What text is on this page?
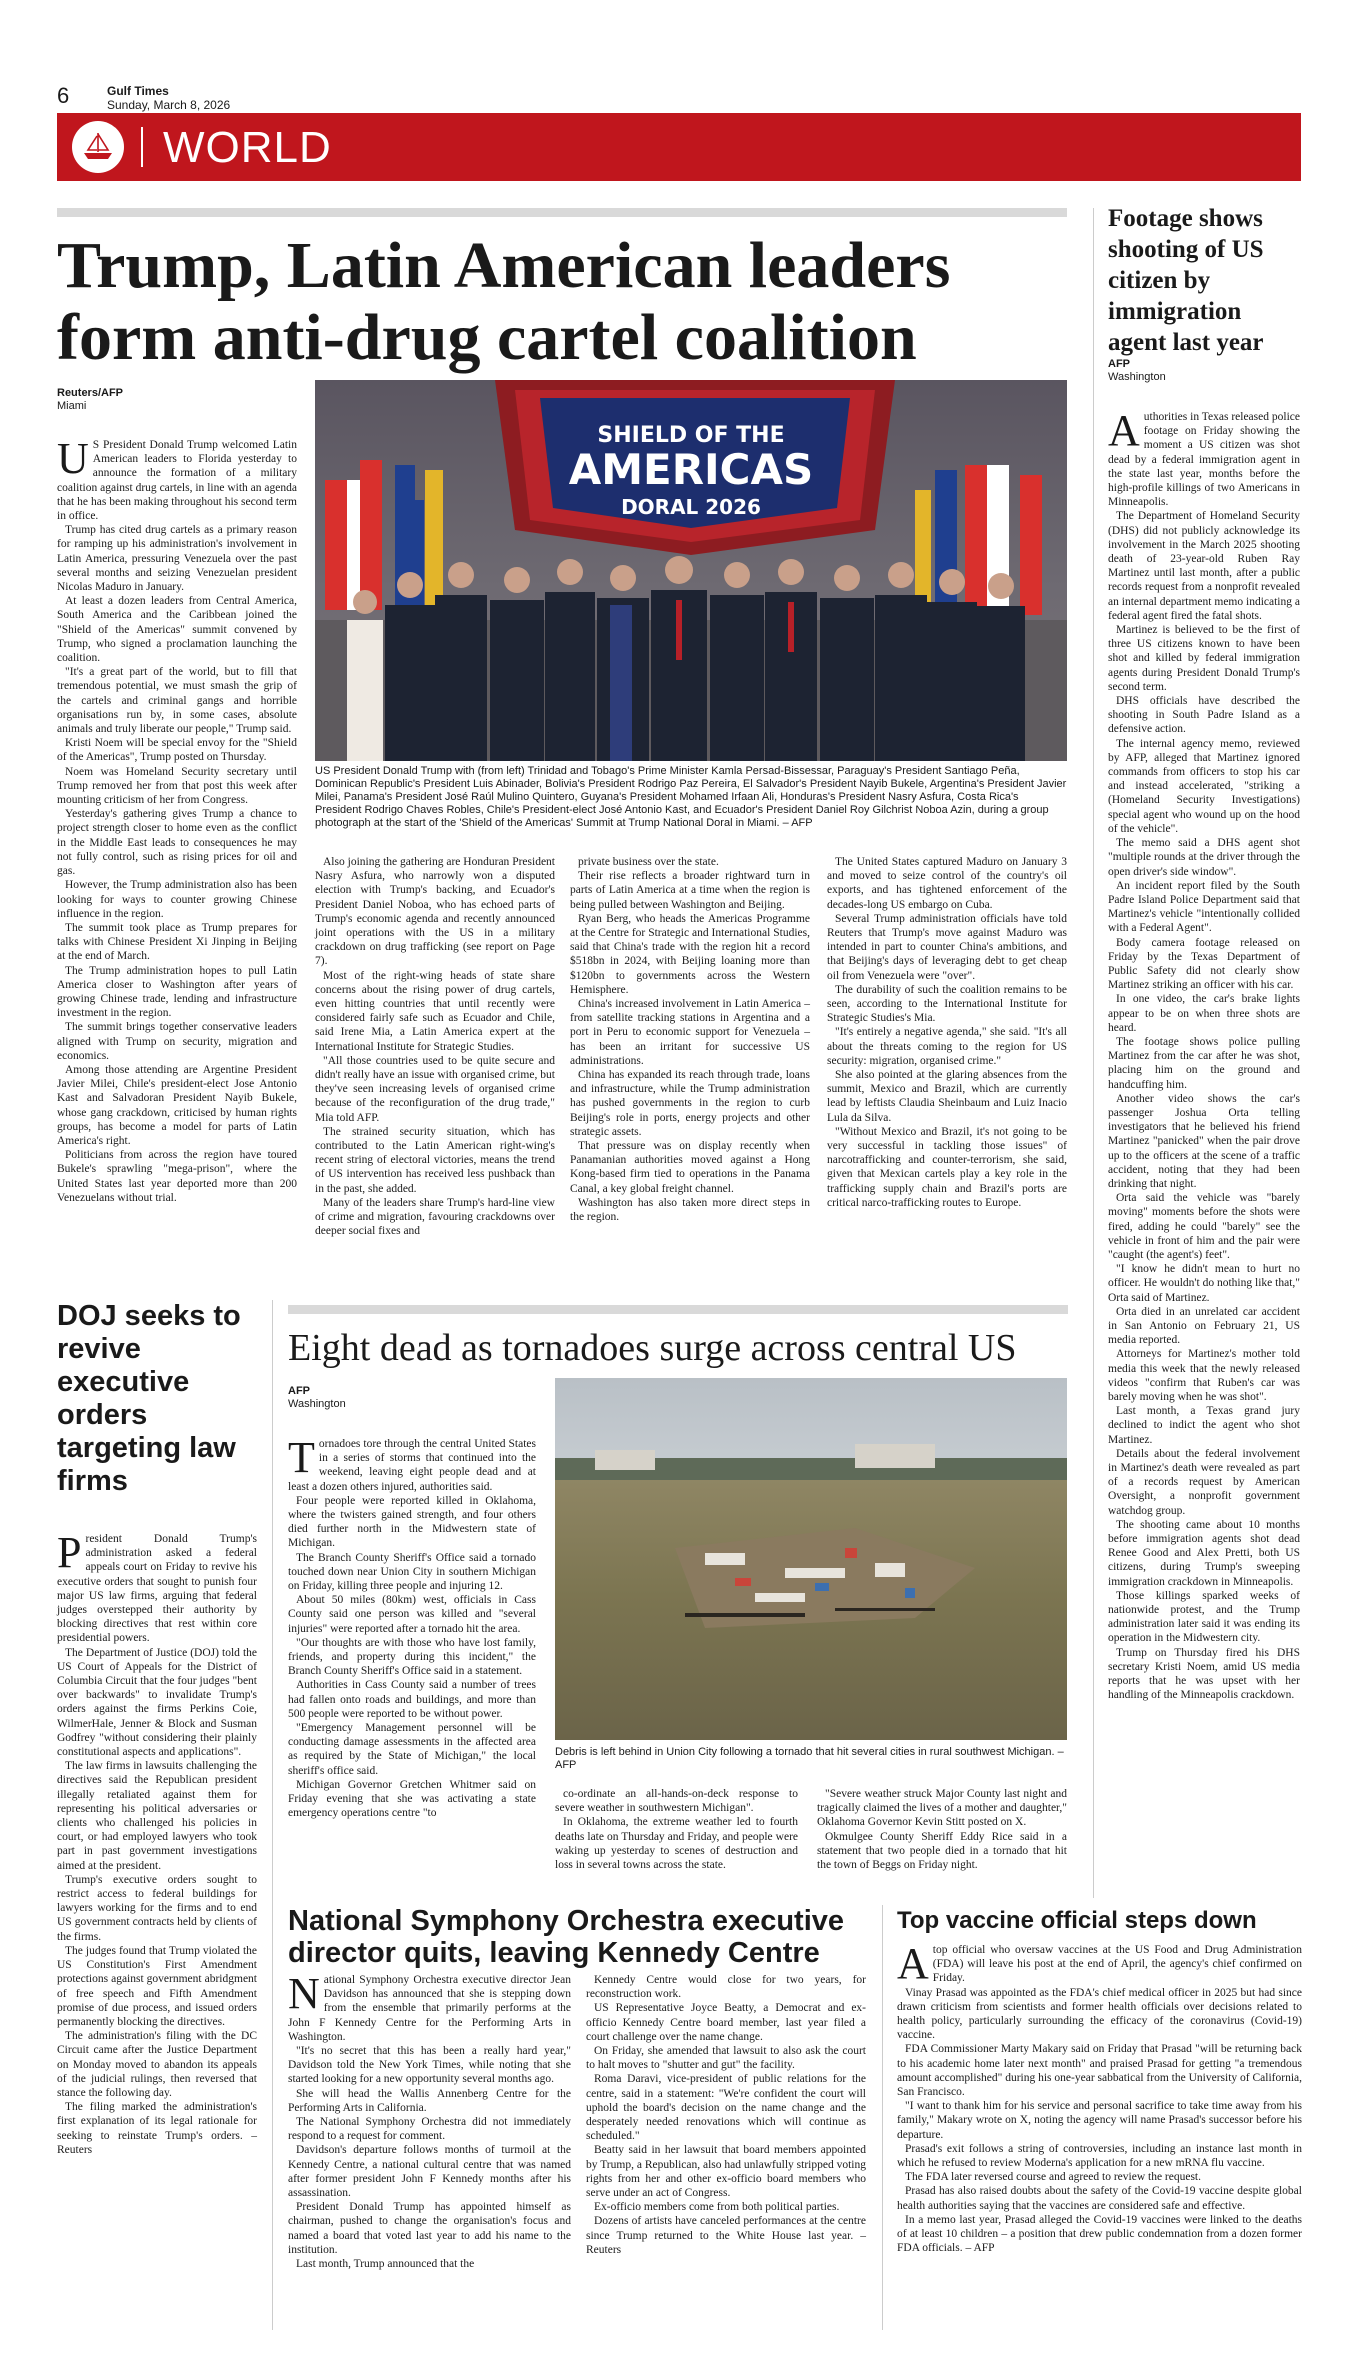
6	Gulf Times
Sunday, March 8, 2026
WORLD
Trump, Latin American leaders form anti-drug cartel coalition
Reuters/AFP
Miami
U S President Donald Trump welcomed Latin American leaders to Florida yesterday to announce the formation of a military coalition against drug cartels, in line with an agenda that he has been making throughout his second term in office.

Trump has cited drug cartels as a primary reason for ramping up his administration's involvement in Latin America, pressuring Venezuela over the past several months and seizing Venezuelan president Nicolas Maduro in January.

At least a dozen leaders from Central America, South America and the Caribbean joined the "Shield of the Americas" summit convened by Trump, who signed a proclamation launching the coalition.

"It's a great part of the world, but to fill that tremendous potential, we must smash the grip of the cartels and criminal gangs and horrible organisations run by, in some cases, absolute animals and truly liberate our people," Trump said.

Kristi Noem will be special envoy for the "Shield of the Americas", Trump posted on Thursday.

Noem was Homeland Security secretary until Trump removed her from that post this week after mounting criticism of her from Congress.

Yesterday's gathering gives Trump a chance to project strength closer to home even as the conflict in the Middle East leads to consequences he may not fully control, such as rising prices for oil and gas.

However, the Trump administration also has been looking for ways to counter growing Chinese influence in the region.

The summit took place as Trump prepares for talks with Chinese President Xi Jinping in Beijing at the end of March.

The Trump administration hopes to pull Latin America closer to Washington after years of growing Chinese trade, lending and infrastructure investment in the region.

The summit brings together conservative leaders aligned with Trump on security, migration and economics.

Among those attending are Argentine President Javier Milei, Chile's president-elect Jose Antonio Kast and Salvadoran President Nayib Bukele, whose gang crackdown, criticised by human rights groups, has become a model for parts of Latin America's right.

Politicians from across the region have toured Bukele's sprawling "mega-prison", where the United States last year deported more than 200 Venezuelans without trial.

SHIELD OF THE
AMERICAS
DORAL 2026
US President Donald Trump with (from left) Trinidad and Tobago's Prime Minister Kamla Persad-Bissessar, Paraguay's President Santiago Peña, Dominican Republic's President Luis Abinader, Bolivia's President Rodrigo Paz Pereira, El Salvador's President Nayib Bukele, Argentina's President Javier Milei, Panama's President José Raúl Mulino Quintero, Guyana's President Mohamed Irfaan Ali, Honduras's President Nasry Asfura, Costa Rica's President Rodrigo Chaves Robles, Chile's President-elect José Antonio Kast, and Ecuador's President Daniel Roy Gilchrist Noboa Azin, during a group photograph at the start of the 'Shield of the Americas' Summit at Trump National Doral in Miami. – AFP

Also joining the gathering are Honduran President Nasry Asfura, who narrowly won a disputed election with Trump's backing, and Ecuador's President Daniel Noboa, who has echoed parts of Trump's economic agenda and recently announced joint operations with the US in a military crackdown on drug trafficking (see report on Page 7).

Most of the right-wing heads of state share concerns about the rising power of drug cartels, even hitting countries that until recently were considered fairly safe such as Ecuador and Chile, said Irene Mia, a Latin America expert at the International Institute for Strategic Studies.

"All those countries used to be quite secure and didn't really have an issue with organised crime, but they've seen increasing levels of organised crime because of the reconfiguration of the drug trade," Mia told AFP.

The strained security situation, which has contributed to the Latin American right-wing's recent string of electoral victories, means the trend of US intervention has received less pushback than in the past, she added.

Many of the leaders share Trump's hard-line view of crime and migration, favouring crackdowns over deeper social fixes and

private business over the state.

Their rise reflects a broader rightward turn in parts of Latin America at a time when the region is being pulled between Washington and Beijing.

Ryan Berg, who heads the Americas Programme at the Centre for Strategic and International Studies, said that China's trade with the region hit a record $518bn in 2024, with Beijing loaning more than $120bn to governments across the Western Hemisphere.

China's increased involvement in Latin America – from satellite tracking stations in Argentina and a port in Peru to economic support for Venezuela – has been an irritant for successive US administrations.

China has expanded its reach through trade, loans and infrastructure, while the Trump administration has pushed governments in the region to curb Beijing's role in ports, energy projects and other strategic assets.

That pressure was on display recently when Panamanian authorities moved against a Hong Kong-based firm tied to operations in the Panama Canal, a key global freight channel.

Washington has also taken more direct steps in the region.

The United States captured Maduro on January 3 and moved to seize control of the country's oil exports, and has tightened enforcement of the decades-long US embargo on Cuba.

Several Trump administration officials have told Reuters that Trump's move against Maduro was intended in part to counter China's ambitions, and that Beijing's days of leveraging debt to get cheap oil from Venezuela were "over".

The durability of such the coalition remains to be seen, according to the International Institute for Strategic Studies's Mia.

"It's entirely a negative agenda," she said. "It's all about the threats coming to the region for US security: migration, organised crime."

She also pointed at the glaring absences from the summit, Mexico and Brazil, which are currently lead by leftists Claudia Sheinbaum and Luiz Inacio Lula da Silva.

"Without Mexico and Brazil, it's not going to be very successful in tackling those issues" of narcotrafficking and counter-terrorism, she said, given that Mexican cartels play a key role in the trafficking supply chain and Brazil's ports are critical narco-trafficking routes to Europe.

Footage shows shooting of US citizen by immigration agent last year
AFP
Washington
A uthorities in Texas released police footage on Friday showing the moment a US citizen was shot dead by a federal immigration agent in the state last year, months before the high-profile killings of two Americans in Minneapolis.

The Department of Homeland Security (DHS) did not publicly acknowledge its involvement in the March 2025 shooting death of 23-year-old Ruben Ray Martinez until last month, after a public records request from a nonprofit revealed an internal department memo indicating a federal agent fired the fatal shots.

Martinez is believed to be the first of three US citizens known to have been shot and killed by federal immigration agents during President Donald Trump's second term.

DHS officials have described the shooting in South Padre Island as a defensive action.

The internal agency memo, reviewed by AFP, alleged that Martinez ignored commands from officers to stop his car and instead accelerated, "striking a (Homeland Security Investigations) special agent who wound up on the hood of the vehicle".

The memo said a DHS agent shot "multiple rounds at the driver through the open driver's side window".

An incident report filed by the South Padre Island Police Department said that Martinez's vehicle "intentionally collided with a Federal Agent".

Body camera footage released on Friday by the Texas Department of Public Safety did not clearly show Martinez striking an officer with his car.

In one video, the car's brake lights appear to be on when three shots are heard.

The footage shows police pulling Martinez from the car after he was shot, placing him on the ground and handcuffing him.

Another video shows the car's passenger Joshua Orta telling investigators that he believed his friend Martinez "panicked" when the pair drove up to the officers at the scene of a traffic accident, noting that they had been drinking that night.

Orta said the vehicle was "barely moving" moments before the shots were fired, adding he could "barely" see the vehicle in front of him and the pair were "caught (the agent's) feet".

"I know he didn't mean to hurt no officer. He wouldn't do nothing like that," Orta said of Martinez.

Orta died in an unrelated car accident in San Antonio on February 21, US media reported.

Attorneys for Martinez's mother told media this week that the newly released videos "confirm that Ruben's car was barely moving when he was shot".

Last month, a Texas grand jury declined to indict the agent who shot Martinez.

Details about the federal involvement in Martinez's death were revealed as part of a records request by American Oversight, a nonprofit government watchdog group.

The shooting came about 10 months before immigration agents shot dead Renee Good and Alex Pretti, both US citizens, during Trump's sweeping immigration crackdown in Minneapolis.

Those killings sparked weeks of nationwide protest, and the Trump administration later said it was ending its operation in the Midwestern city.

Trump on Thursday fired his DHS secretary Kristi Noem, amid US media reports that he was upset with her handling of the Minneapolis crackdown.

DOJ seeks to revive executive orders targeting law firms
P resident Donald Trump's administration asked a federal appeals court on Friday to revive his executive orders that sought to punish four major US law firms, arguing that federal judges overstepped their authority by blocking directives that rest within core presidential powers.

The Department of Justice (DOJ) told the US Court of Appeals for the District of Columbia Circuit that the four judges "bent over backwards" to invalidate Trump's orders against the firms Perkins Coie, WilmerHale, Jenner & Block and Susman Godfrey "without considering their plainly constitutional aspects and applications".

The law firms in lawsuits challenging the directives said the Republican president illegally retaliated against them for representing his political adversaries or clients who challenged his policies in court, or had employed lawyers who took part in past government investigations aimed at the president.

Trump's executive orders sought to restrict access to federal buildings for lawyers working for the firms and to end US government contracts held by clients of the firms.

The judges found that Trump violated the US Constitution's First Amendment protections against government abridgment of free speech and Fifth Amendment promise of due process, and issued orders permanently blocking the directives.

The administration's filing with the DC Circuit came after the Justice Department on Monday moved to abandon its appeals of the judicial rulings, then reversed that stance the following day.

The filing marked the administration's first explanation of its legal rationale for seeking to reinstate Trump's orders. – Reuters

Eight dead as tornadoes surge across central US
AFP
Washington
T ornadoes tore through the central United States in a series of storms that continued into the weekend, leaving eight people dead and at least a dozen others injured, authorities said.

Four people were reported killed in Oklahoma, where the twisters gained strength, and four others died further north in the Midwestern state of Michigan.

The Branch County Sheriff's Office said a tornado touched down near Union City in southern Michigan on Friday, killing three people and injuring 12.

About 50 miles (80km) west, officials in Cass County said one person was killed and "several injuries" were reported after a tornado hit the area.

"Our thoughts are with those who have lost family, friends, and property during this incident," the Branch County Sheriff's Office said in a statement.

Authorities in Cass County said a number of trees had fallen onto roads and buildings, and more than 500 people were reported to be without power.

"Emergency Management personnel will be conducting damage assessments in the affected area as required by the State of Michigan," the local sheriff's office said.

Michigan Governor Gretchen Whitmer said on Friday evening that she was activating a state emergency operations centre "to

Debris is left behind in Union City following a tornado that hit several cities in rural southwest Michigan. – AFP

co-ordinate an all-hands-on-deck response to severe weather in southwestern Michigan".

In Oklahoma, the extreme weather led to fourth deaths late on Thursday and Friday, and people were waking up yesterday to scenes of destruction and loss in several towns across the state.

"Severe weather struck Major County last night and tragically claimed the lives of a mother and daughter," Oklahoma Governor Kevin Stitt posted on X.

Okmulgee County Sheriff Eddy Rice said in a statement that two people died in a tornado that hit the town of Beggs on Friday night.

National Symphony Orchestra executive director quits, leaving Kennedy Centre
N ational Symphony Orchestra executive director Jean Davidson has announced that she is stepping down from the ensemble that primarily performs at the John F Kennedy Centre for the Performing Arts in Washington.

"It's no secret that this has been a really hard year," Davidson told the New York Times, while noting that she started looking for a new opportunity several months ago.

She will head the Wallis Annenberg Centre for the Performing Arts in California.

The National Symphony Orchestra did not immediately respond to a request for comment.

Davidson's departure follows months of turmoil at the Kennedy Centre, a national cultural centre that was named after former president John F Kennedy months after his assassination.

President Donald Trump has appointed himself as chairman, pushed to change the organisation's focus and named a board that voted last year to add his name to the institution.

Last month, Trump announced that the

Kennedy Centre would close for two years, for reconstruction work.

US Representative Joyce Beatty, a Democrat and ex-officio Kennedy Centre board member, last year filed a court challenge over the name change.

On Friday, she amended that lawsuit to also ask the court to halt moves to "shutter and gut" the facility.

Roma Daravi, vice-president of public relations for the centre, said in a statement: "We're confident the court will uphold the board's decision on the name change and the desperately needed renovations which will continue as scheduled."

Beatty said in her lawsuit that board members appointed by Trump, a Republican, also had unlawfully stripped voting rights from her and other ex-officio board members who serve under an act of Congress.

Ex-officio members come from both political parties.

Dozens of artists have canceled performances at the centre since Trump returned to the White House last year. – Reuters

Top vaccine official steps down
A top official who oversaw vaccines at the US Food and Drug Administration (FDA) will leave his post at the end of April, the agency's chief confirmed on Friday.

Vinay Prasad was appointed as the FDA's chief medical officer in 2025 but had since drawn criticism from scientists and former health officials over decisions related to health policy, particularly surrounding the efficacy of the coronavirus (Covid-19) vaccine.

FDA Commissioner Marty Makary said on Friday that Prasad "will be returning back to his academic home later next month" and praised Prasad for getting "a tremendous amount accomplished" during his one-year sabbatical from the University of California, San Francisco.

"I want to thank him for his service and personal sacrifice to take time away from his family," Makary wrote on X, noting the agency will name Prasad's successor before his departure.

Prasad's exit follows a string of controversies, including an instance last month in which he refused to review Moderna's application for a new mRNA flu vaccine.

The FDA later reversed course and agreed to review the request.

Prasad has also raised doubts about the safety of the Covid-19 vaccine despite global health authorities saying that the vaccines are considered safe and effective.

In a memo last year, Prasad alleged the Covid-19 vaccines were linked to the deaths of at least 10 children – a position that drew public condemnation from a dozen former FDA officials. – AFP
